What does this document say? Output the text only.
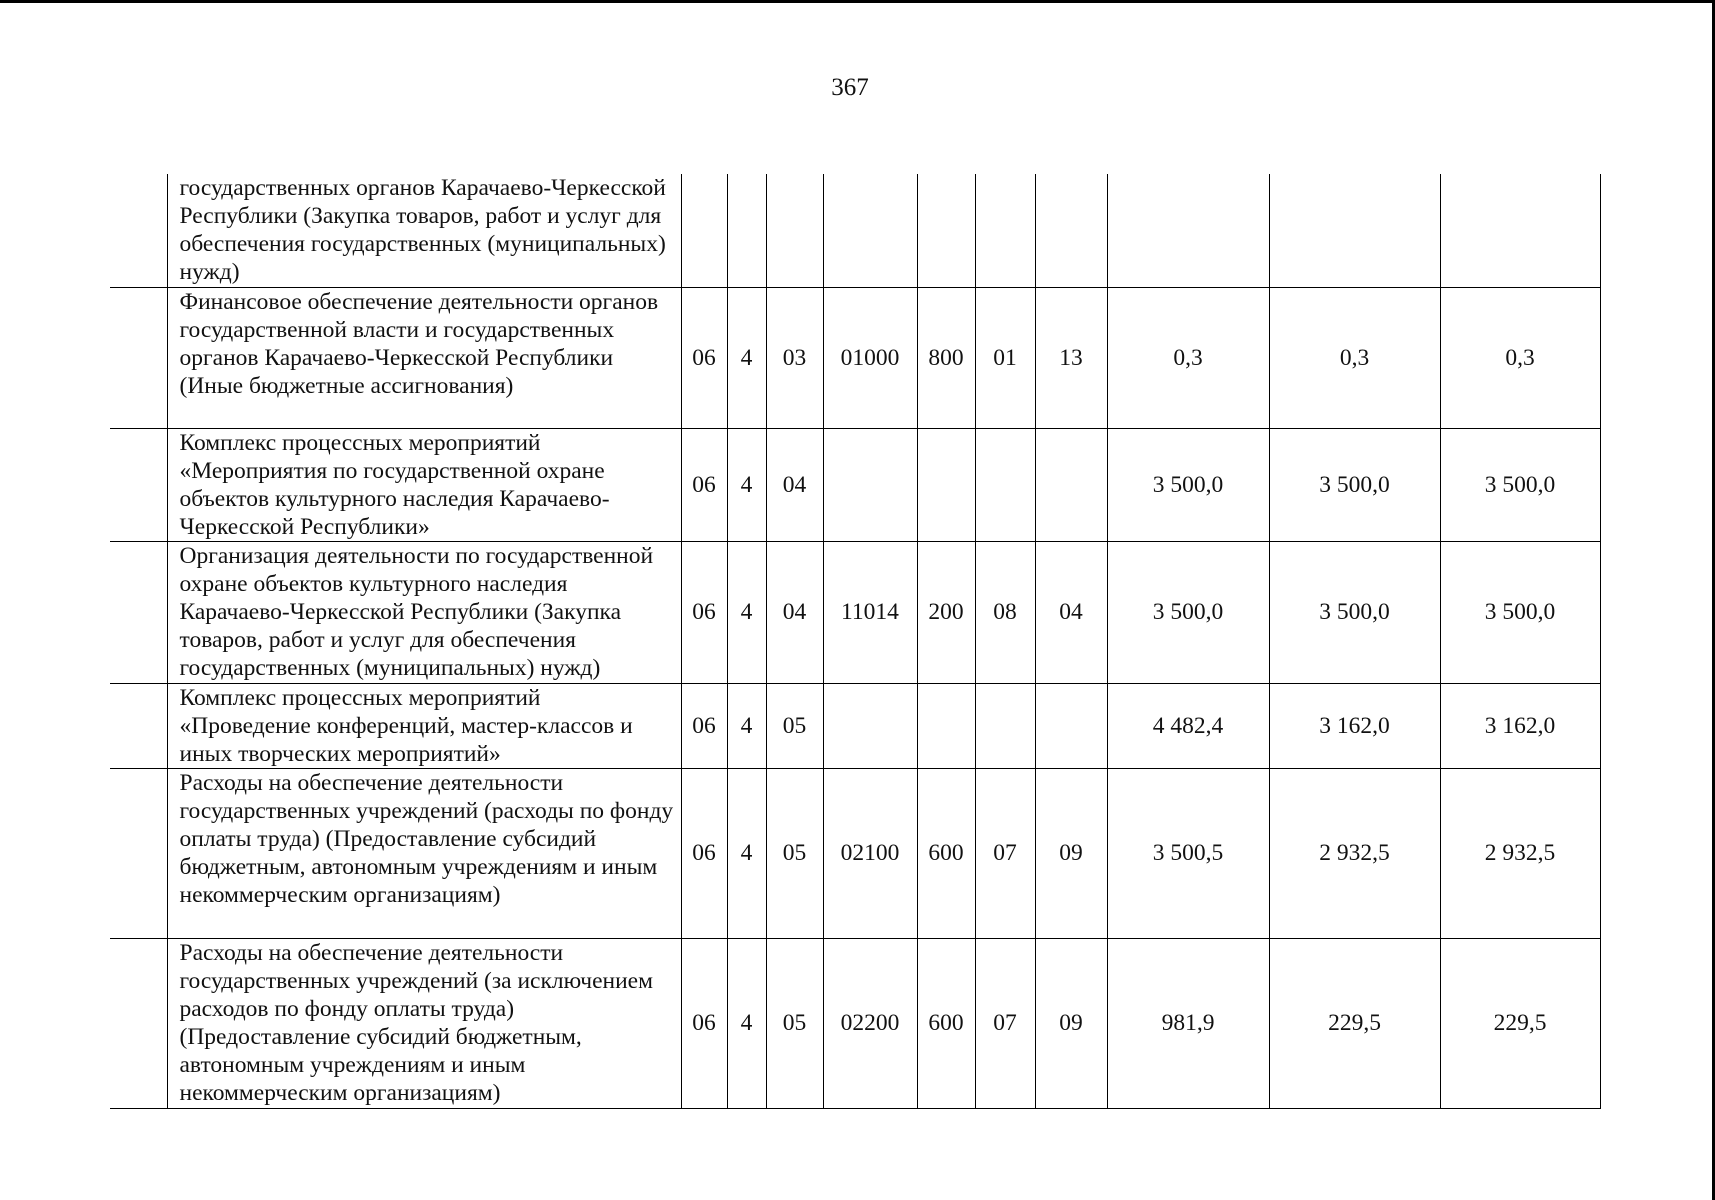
367
	государственных органов Карачаево-Черкесской Республики (Закупка товаров, работ и услуг для обеспечения государственных (муниципальных) нужд)										
	Финансовое обеспечение деятельности органов государственной власти и государственных органов Карачаево-Черкесской Республики (Иные бюджетные ассигнования)	06	4	03	01000	800	01	13	0,3	0,3	0,3
	Комплекс процессных мероприятий «Мероприятия по государственной охране объектов культурного наследия Карачаево-Черкесской Республики»	06	4	04					3 500,0	3 500,0	3 500,0
	Организация деятельности по государственной охране объектов культурного наследия Карачаево-Черкесской Республики (Закупка товаров, работ и услуг для обеспечения государственных (муниципальных) нужд)	06	4	04	11014	200	08	04	3 500,0	3 500,0	3 500,0
	Комплекс процессных мероприятий «Проведение конференций, мастер-классов и иных творческих мероприятий»	06	4	05					4 482,4	3 162,0	3 162,0
	Расходы на обеспечение деятельности государственных учреждений (расходы по фонду оплаты труда) (Предоставление субсидий бюджетным, автономным учреждениям и иным некоммерческим организациям)	06	4	05	02100	600	07	09	3 500,5	2 932,5	2 932,5
	Расходы на обеспечение деятельности государственных учреждений (за исключением расходов по фонду оплаты труда) (Предоставление субсидий бюджетным, автономным учреждениям и иным некоммерческим организациям)	06	4	05	02200	600	07	09	981,9	229,5	229,5
